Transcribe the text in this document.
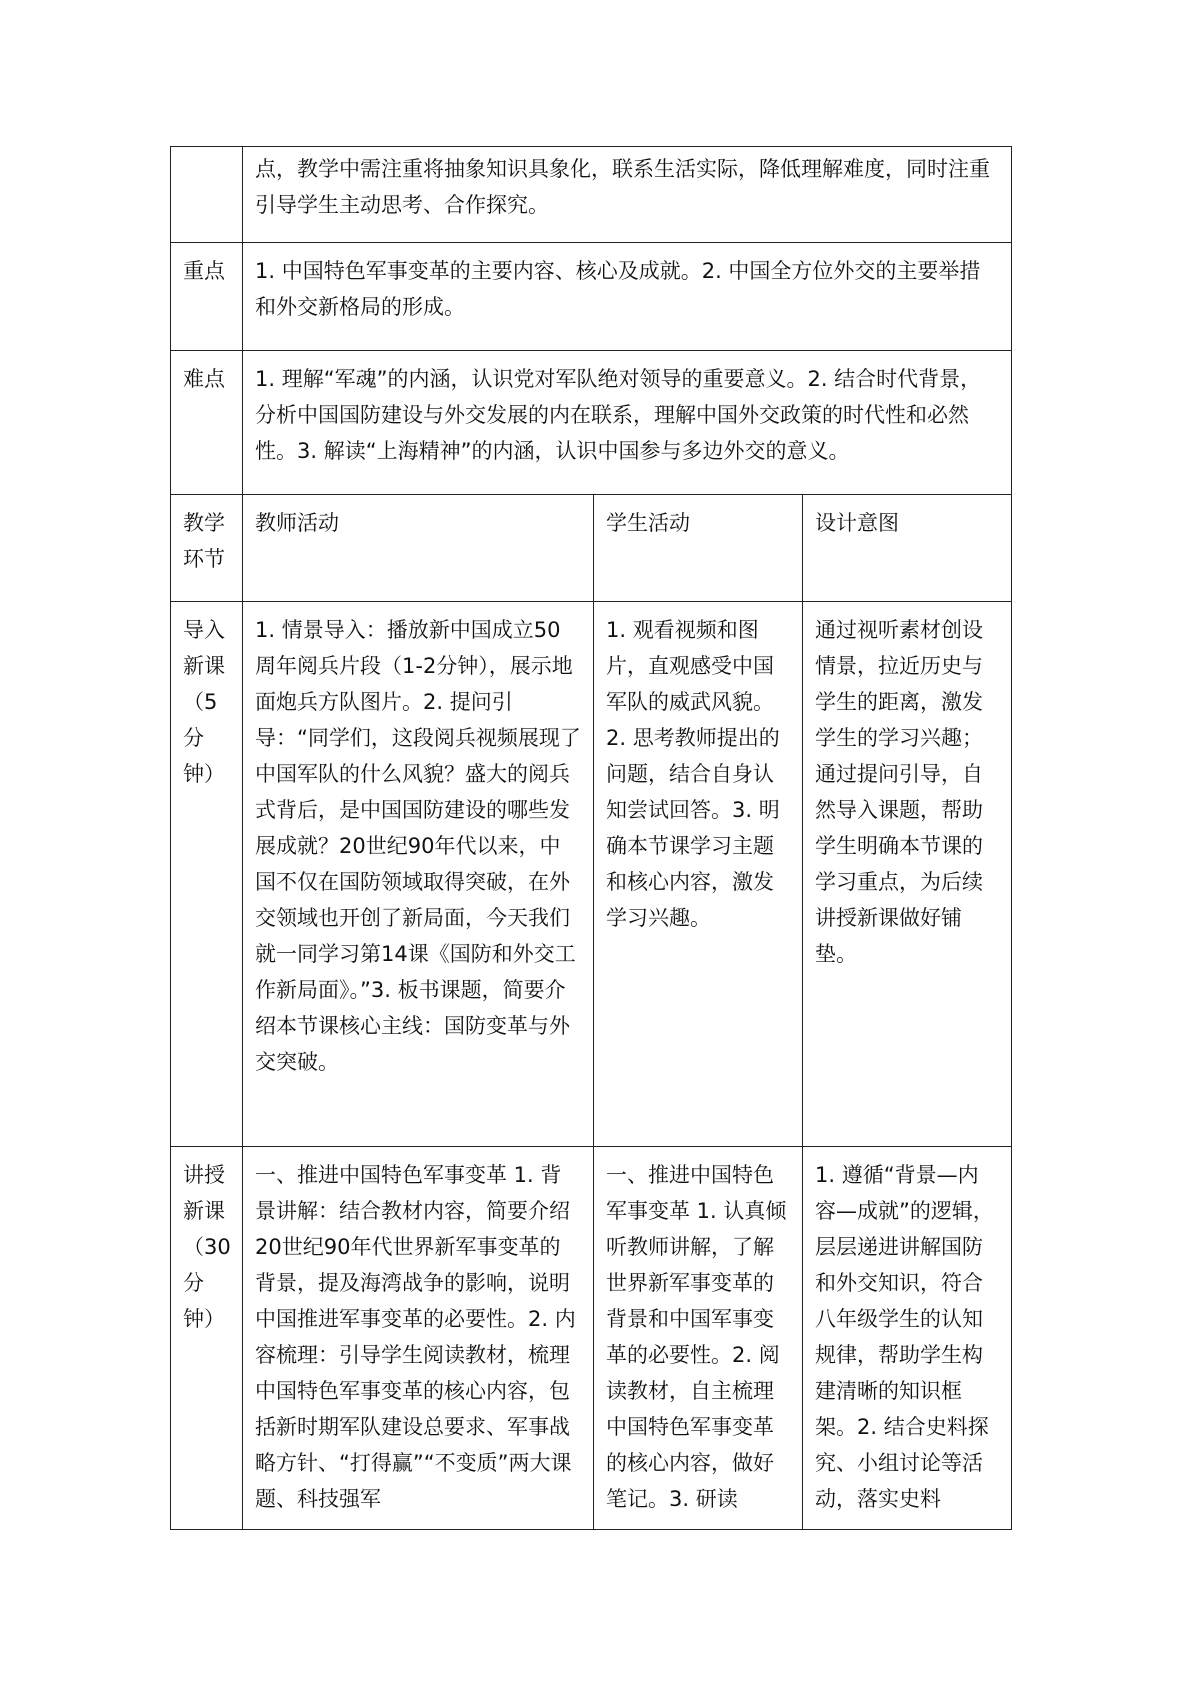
	点，教学中需注重将抽象知识具象化，联系生活实际，降低理解难度，同时注重引导学生主动思考、合作探究。		
重点	1. 中国特色军事变革的主要内容、核心及成就。2. 中国全方位外交的主要举措和外交新格局的形成。		
难点	1. 理解“军魂”的内涵，认识党对军队绝对领导的重要意义。2. 结合时代背景，分析中国国防建设与外交发展的内在联系，理解中国外交政策的时代性和必然性。3. 解读“上海精神”的内涵，认识中国参与多边外交的意义。		
教学环节	教师活动	学生活动	设计意图
导入新课（5分钟）	1. 情景导入：播放新中国成立50周年阅兵片段（1-2分钟），展示地面炮兵方队图片。2. 提问引导：“同学们，这段阅兵视频展现了中国军队的什么风貌？盛大的阅兵式背后，是中国国防建设的哪些发展成就？20世纪90年代以来，中国不仅在国防领域取得突破，在外交领域也开创了新局面，今天我们就一同学习第14课《国防和外交工作新局面》。”3. 板书课题，简要介绍本节课核心主线：国防变革与外交突破。	1. 观看视频和图片，直观感受中国军队的威武风貌。2. 思考教师提出的问题，结合自身认知尝试回答。3. 明确本节课学习主题和核心内容，激发学习兴趣。	通过视听素材创设情景，拉近历史与学生的距离，激发学生的学习兴趣；通过提问引导，自然导入课题，帮助学生明确本节课的学习重点，为后续讲授新课做好铺垫。
讲授新课（30分钟）	一、推进中国特色军事变革 1. 背景讲解：结合教材内容，简要介绍20世纪90年代世界新军事变革的背景，提及海湾战争的影响，说明中国推进军事变革的必要性。2. 内容梳理：引导学生阅读教材，梳理中国特色军事变革的核心内容，包括新时期军队建设总要求、军事战略方针、“打得赢”“不变质”两大课题、科技强军	一、推进中国特色军事变革 1. 认真倾听教师讲解，了解世界新军事变革的背景和中国军事变革的必要性。2. 阅读教材，自主梳理中国特色军事变革的核心内容，做好笔记。3. 研读	1. 遵循“背景—内容—成就”的逻辑，层层递进讲解国防和外交知识，符合八年级学生的认知规律，帮助学生构建清晰的知识框架。2. 结合史料探究、小组讨论等活动，落实史料
